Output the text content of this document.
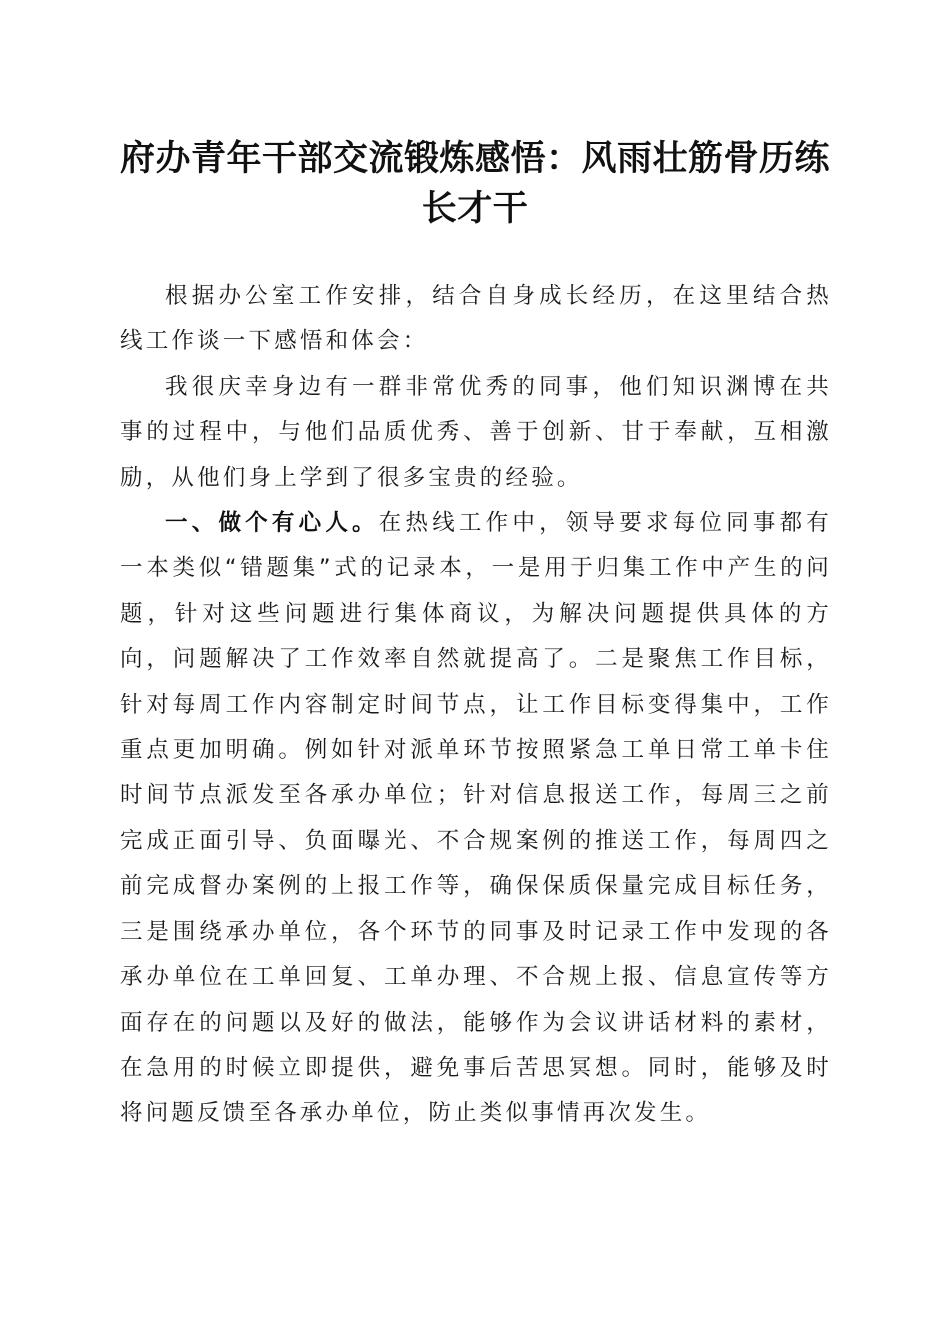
府办青年干部交流锻炼感悟：风雨壮筋骨历练长才干

根据办公室工作安排，结合自身成长经历，在这里结合热线工作谈一下感悟和体会：

我很庆幸身边有一群非常优秀的同事，他们知识渊博在共事的过程中，与他们品质优秀、善于创新、甘于奉献，互相激励，从他们身上学到了很多宝贵的经验。

一、做个有心人。在热线工作中，领导要求每位同事都有一本类似“错题集”式的记录本，一是用于归集工作中产生的问题，针对这些问题进行集体商议，为解决问题提供具体的方向，问题解决了工作效率自然就提高了。二是聚焦工作目标，针对每周工作内容制定时间节点，让工作目标变得集中，工作重点更加明确。例如针对派单环节按照紧急工单日常工单卡住时间节点派发至各承办单位；针对信息报送工作，每周三之前完成正面引导、负面曝光、不合规案例的推送工作，每周四之前完成督办案例的上报工作等，确保保质保量完成目标任务，三是围绕承办单位，各个环节的同事及时记录工作中发现的各承办单位在工单回复、工单办理、不合规上报、信息宣传等方面存在的问题以及好的做法，能够作为会议讲话材料的素材，在急用的时候立即提供，避免事后苦思冥想。同时，能够及时将问题反馈至各承办单位，防止类似事情再次发生。
